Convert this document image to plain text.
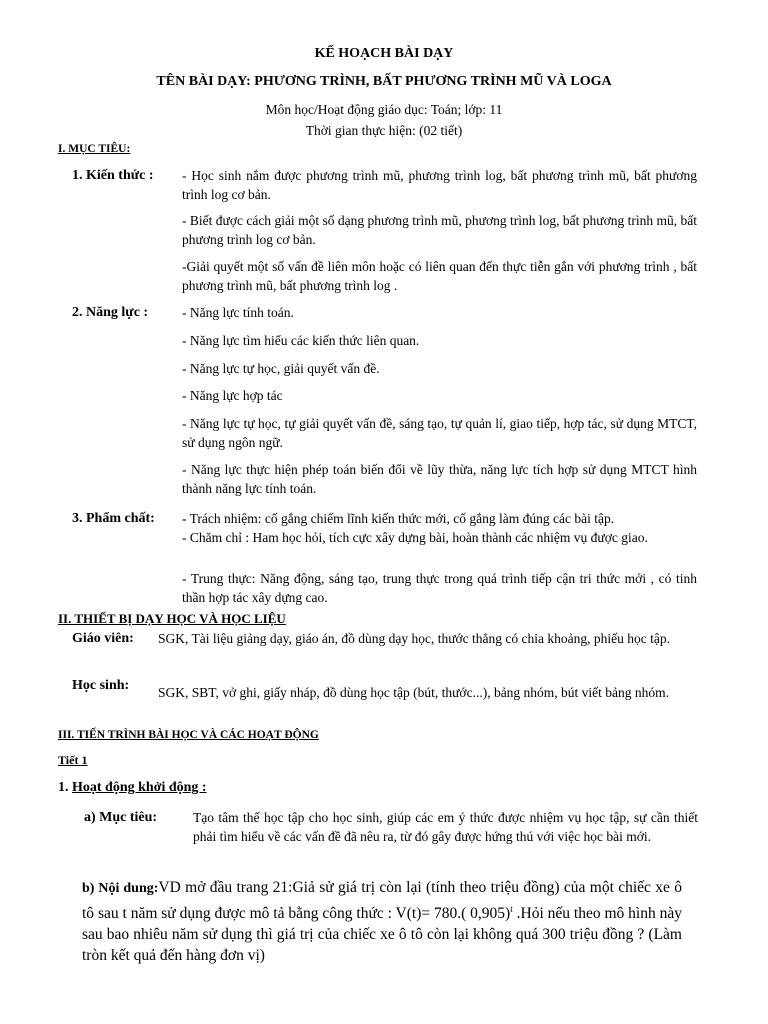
KẾ HOẠCH BÀI DẠY
TÊN BÀI DẠY: PHƯƠNG TRÌNH, BẤT PHƯƠNG TRÌNH MŨ VÀ LOGA
Môn học/Hoạt động giáo dục: Toán; lớp: 11
Thời gian thực hiện: (02 tiết)
I. MỤC TIÊU:
1. Kiến thức : - Học sinh nắm được phương trình mũ, phương trình log, bất phương trình mũ, bất phương trình log cơ bản.
- Biết được cách giải một số dạng phương trình mũ, phương trình log, bất phương trình mũ, bất phương trình log cơ bản.
-Giải quyết một số vấn đề liên môn hoặc có liên quan đến thực tiễn gắn với phương trình , bất phương trình mũ, bất phương trình log .
2. Năng lực :	- Năng lực tính toán.
- Năng lực tìm hiểu các kiến thức liên quan.
- Năng lực tự học, giải quyết vấn đề.
- Năng lực hợp tác
- Năng lực tự học, tự giải quyết vấn đề, sáng tạo, tự quản lí, giao tiếp, hợp tác, sử dụng MTCT, sử dụng ngôn ngữ.
- Năng lực thực hiện phép toán biến đổi về lũy thừa, năng lực tích hợp sử dụng MTCT hình thành năng lực tính toán.
3. Phẩm chất: - Trách nhiệm: cố gắng chiếm lĩnh kiến thức mới, cố gắng làm đúng các bài tập.
- Chăm chỉ : Ham học hỏi, tích cực xây dựng bài, hoàn thành các nhiệm vụ được giao.
- Trung thực: Năng động, sáng tạo, trung thực trong quá trình tiếp cận tri thức mới , có tinh thần hợp tác xây dựng cao.
II. THIẾT BỊ DẠY HỌC VÀ HỌC LIỆU
Giáo viên: SGK, Tài liệu giảng dạy, giáo án, đồ dùng dạy học, thước thẳng có chia khoảng, phiếu học tập.
Học sinh: SGK, SBT, vở ghi, giấy nháp, đồ dùng học tập (bút, thước...), bảng nhóm, bút viết bảng nhóm.
III. TIẾN TRÌNH BÀI HỌC VÀ CÁC HOẠT ĐỘNG
Tiết 1
1. Hoạt động khởi động :
a) Mục tiêu:	Tạo tâm thế học tập cho học sinh, giúp các em ý thức được nhiệm vụ học tập, sự cần thiết phải tìm hiểu về các vấn đề đã nêu ra, từ đó gây được hứng thú với việc học bài mới.
b) Nội dung:VD mở đầu trang 21:Giả sử giá trị còn lại (tính theo triệu đồng) của một chiếc xe ô tô sau t năm sử dụng được mô tả bằng công thức : V(t)= 780.( 0,905)$^t$ .Hỏi nếu theo mô hình này sau bao nhiêu năm sử dụng thì giá trị của chiếc xe ô tô còn lại không quá 300 triệu đồng ? (Làm tròn kết quả đến hàng đơn vị)
